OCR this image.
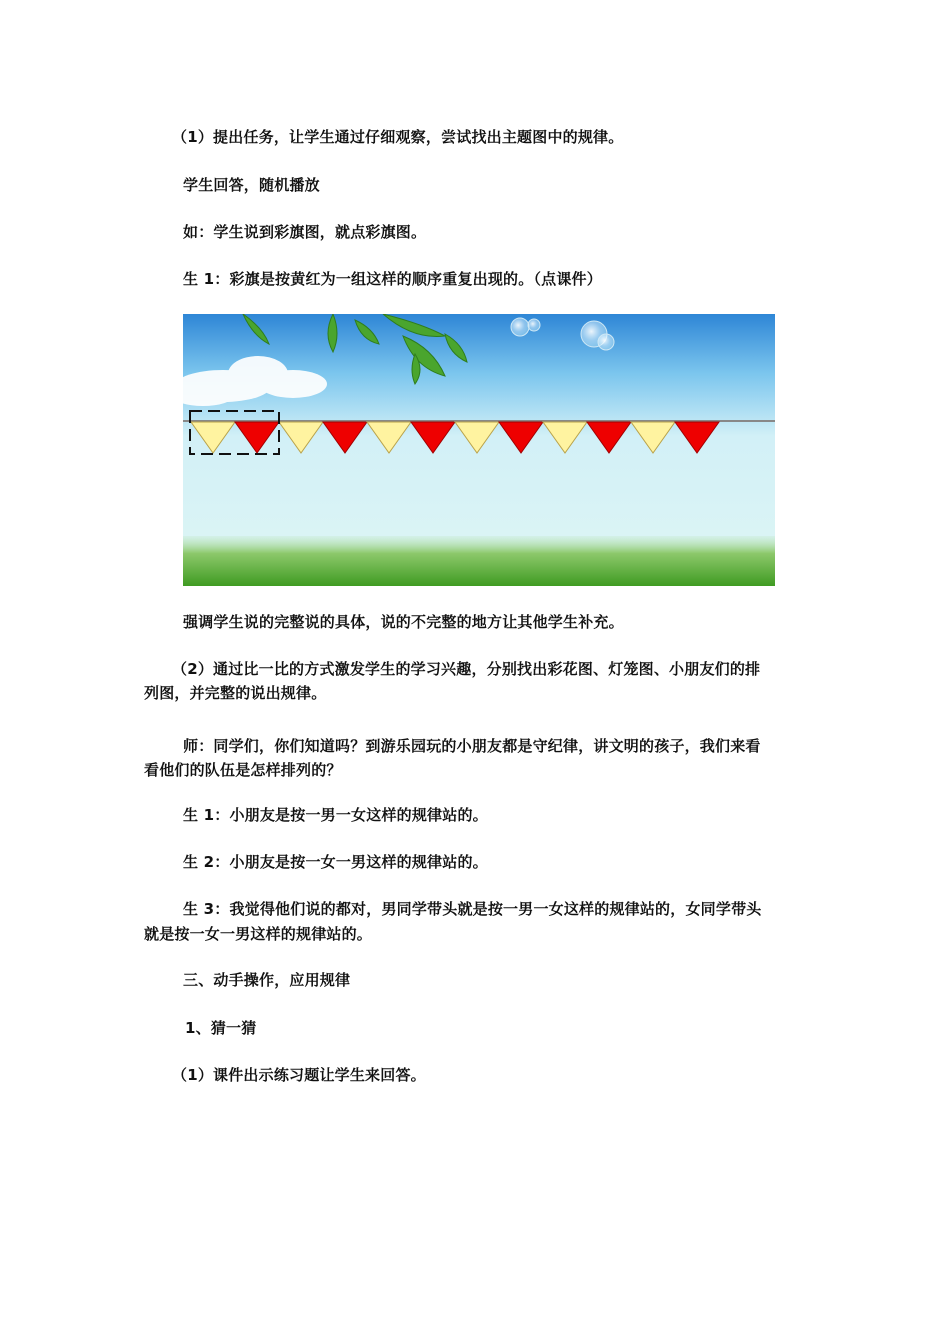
（1）提出任务，让学生通过仔细观察，尝试找出主题图中的规律。
学生回答，随机播放
如：学生说到彩旗图，就点彩旗图。
生 1：彩旗是按黄红为一组这样的顺序重复出现的。（点课件）
强调学生说的完整说的具体，说的不完整的地方让其他学生补充。
（2）通过比一比的方式激发学生的学习兴趣，分别找出彩花图、灯笼图、小朋友们的排
列图，并完整的说出规律。
师：同学们，你们知道吗？到游乐园玩的小朋友都是守纪律，讲文明的孩子，我们来看
看他们的队伍是怎样排列的？
生 1：小朋友是按一男一女这样的规律站的。
生 2：小朋友是按一女一男这样的规律站的。
生 3：我觉得他们说的都对，男同学带头就是按一男一女这样的规律站的，女同学带头
就是按一女一男这样的规律站的。
三、动手操作，应用规律
1、猜一猜
（1）课件出示练习题让学生来回答。
